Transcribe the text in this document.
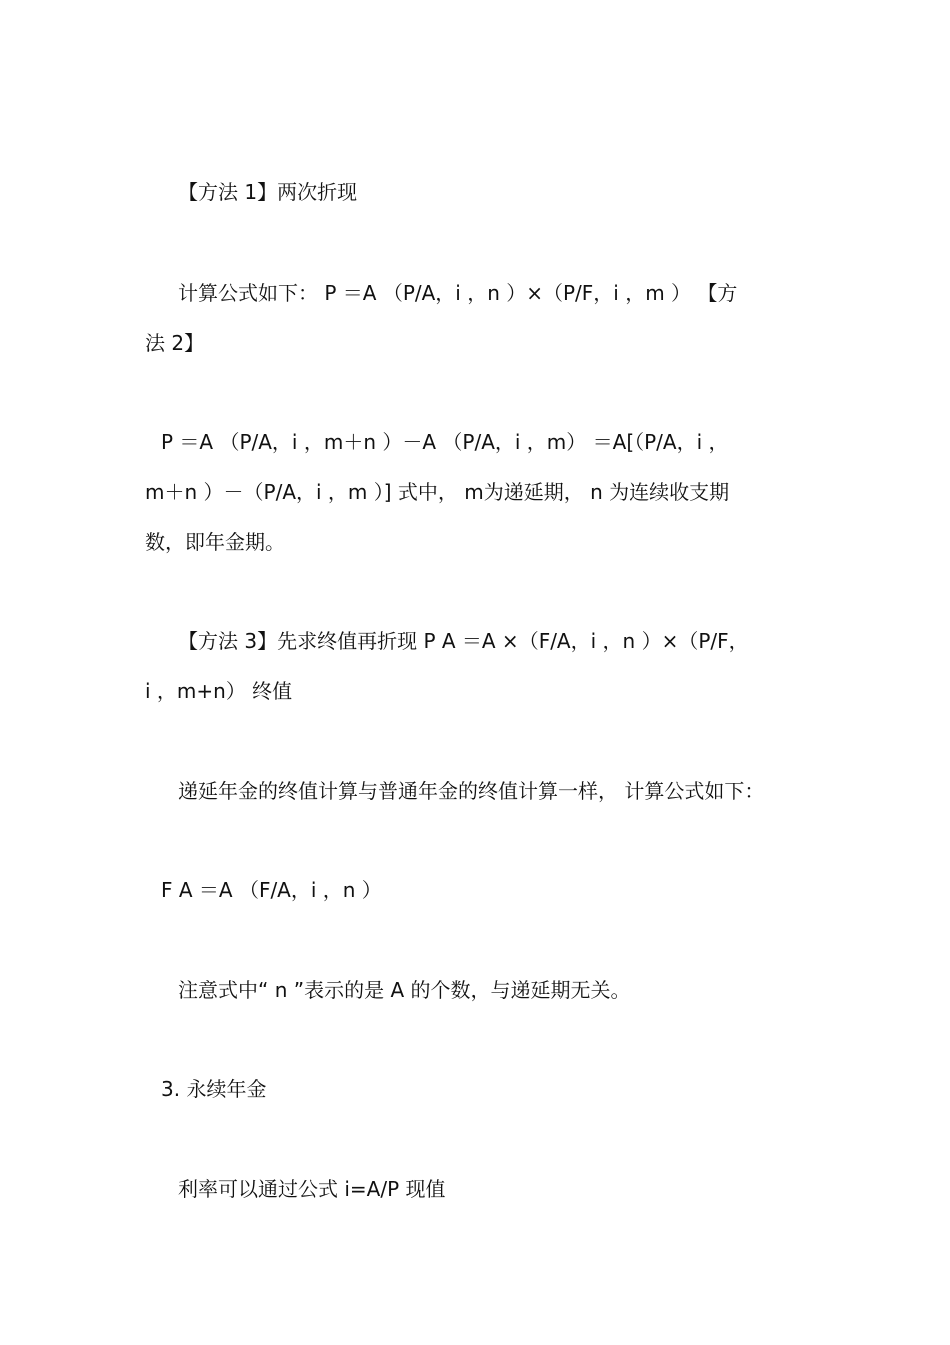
【方法 1】两次折现
计算公式如下： P ＝A （P/A，i ，n ）×（P/F，i ，m ） 【方
法 2】
P ＝A （P/A，i ，m＋n ）－A （P/A，i ，m） ＝A[（P/A，i ，
m＋n ）－（P/A，i ，m ）] 式中， m为递延期， n 为连续收支期
数，即年金期。
【方法 3】先求终值再折现 P A ＝A ×（F/A，i ，n ）×（P/F，
i ，m+n） 终值
递延年金的终值计算与普通年金的终值计算一样， 计算公式如下：
F A ＝A （F/A，i ，n ）
注意式中“ n ”表示的是 A 的个数，与递延期无关。
3. 永续年金
利率可以通过公式 i=A/P 现值
